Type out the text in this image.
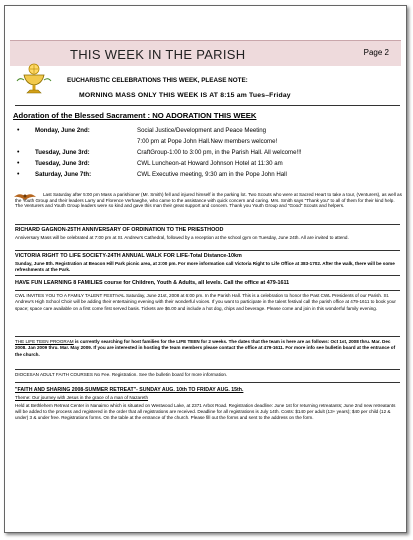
THIS WEEK IN THE PARISH	Page 2
EUCHARISTIC CELEBRATIONS THIS WEEK, PLEASE NOTE:
MORNING MASS ONLY THIS WEEK IS AT 8:15 am Tues–Friday
Adoration of the Blessed Sacrament : NO ADORATION THIS WEEK
•	Monday, June 2nd:	Social Justice/Development and Peace Meeting
7:00 pm at Pope John Hall.New members welcome!
•	Tuesday, June 3rd:	CraftGroup-1:00 to 3:00 pm, in the Parish Hall. All welcome!!!
•	Tuesday, June 3rd:	CWL Luncheon-at Howard Johnson Hotel at 11:30 am
•	Saturday, June 7th:	CWL Executive meeting, 9:30 am in the Pope John Hall
Last Saturday after 5:00 pm Mass a parishioner (Mr. Smith) fell and injured himself in the parking lot. Two Scouts who were at Sacred Heart to take a tour, (Venturers), as well as the Youth Group and their leaders Larry and Florence Verhaeghe, who came to the assistance with quick concern and caring. Mrs. Smith says "Thank you" to all of them for their kind help. The Venturers and Youth Group leaders were so kind and gave this man their great support and concern. Thank you Youth Group and "Good" Scouts and helpers.
RICHARD GAGNON-25TH ANNIVERSARY OF ORDINATION TO THE PRIESTHOOD
Anniversary Mass will be celebrated at 7:00 pm at St. Andrew's Cathedral, followed by a reception at the school gym on Tuesday, June 24th. All are invited to attend.
VICTORIA RIGHT TO LIFE SOCIETY-24TH ANNUAL WALK FOR LIFE-Total Distance-10km
Sunday, June 8th. Registration at Beacon Hill Park picnic area, at 2:00 pm. For more information call Victoria Right to Life Office at 383-1702. After the walk, there will be some refreshments at the Park.
HAVE FUN LEARNING 8 FAMILIES course for Children, Youth & Adults, all levels. Call the office at 479-1611
CWL INVITES YOU TO A FAMILY TALENT FESTIVAL Saturday, June 21st, 2008 at 6:00 pm. In the Parish Hall. This is a celebration to honor the Past CWL Presidents of our Parish. St. Andrew's High School Choir will be adding their entertaining evening with their wonderful voices. If you want to participate in the talent festival call the parish office at 479-1611 to book your space; space care available on a first come first served basis. Tickets are $6.00 and include a hot dog, chips and beverage. Please come and join in this wonderful family evening.
THE LIFE TEEN PROGRAM is currently searching for host families for the LIFE TEEN for 2 weeks. The dates that the team is here are as follows: Oct 1st, 2008 thru. Mar. Dec 2008. Jan 2009 thru. Mar. May 2009. If you are interested in hosting the team members please contact the office at 479-1611. For more info see bulletin board at the entrance of the church.
DIOCESAN ADULT FAITH COURSES No Fee. Registration. See the bulletin board for more information.
"FAITH AND SHARING 2008-SUMMER RETREAT"- SUNDAY AUG. 10th TO FRIDAY AUG. 15th.
Theme: Our journey with Jesus in the grace of a man of Nazareth
Held at Bethlehem Retreat Center in Nanaimo which is situated on Westwood Lake, at 2371 Arbot Road. Registration deadline: June 1st for returning retreatants; June 2nd new retreatants will be added to the process and registered in the order that all registrations are received. Deadline for all registrations is July 14th. Costs: $140 per adult (13+ years); $40 per child (12 & under) 3 & under free. Registrations forms. On the table at the entrance of the church. Please fill out the forms and sent to the address on the form.
